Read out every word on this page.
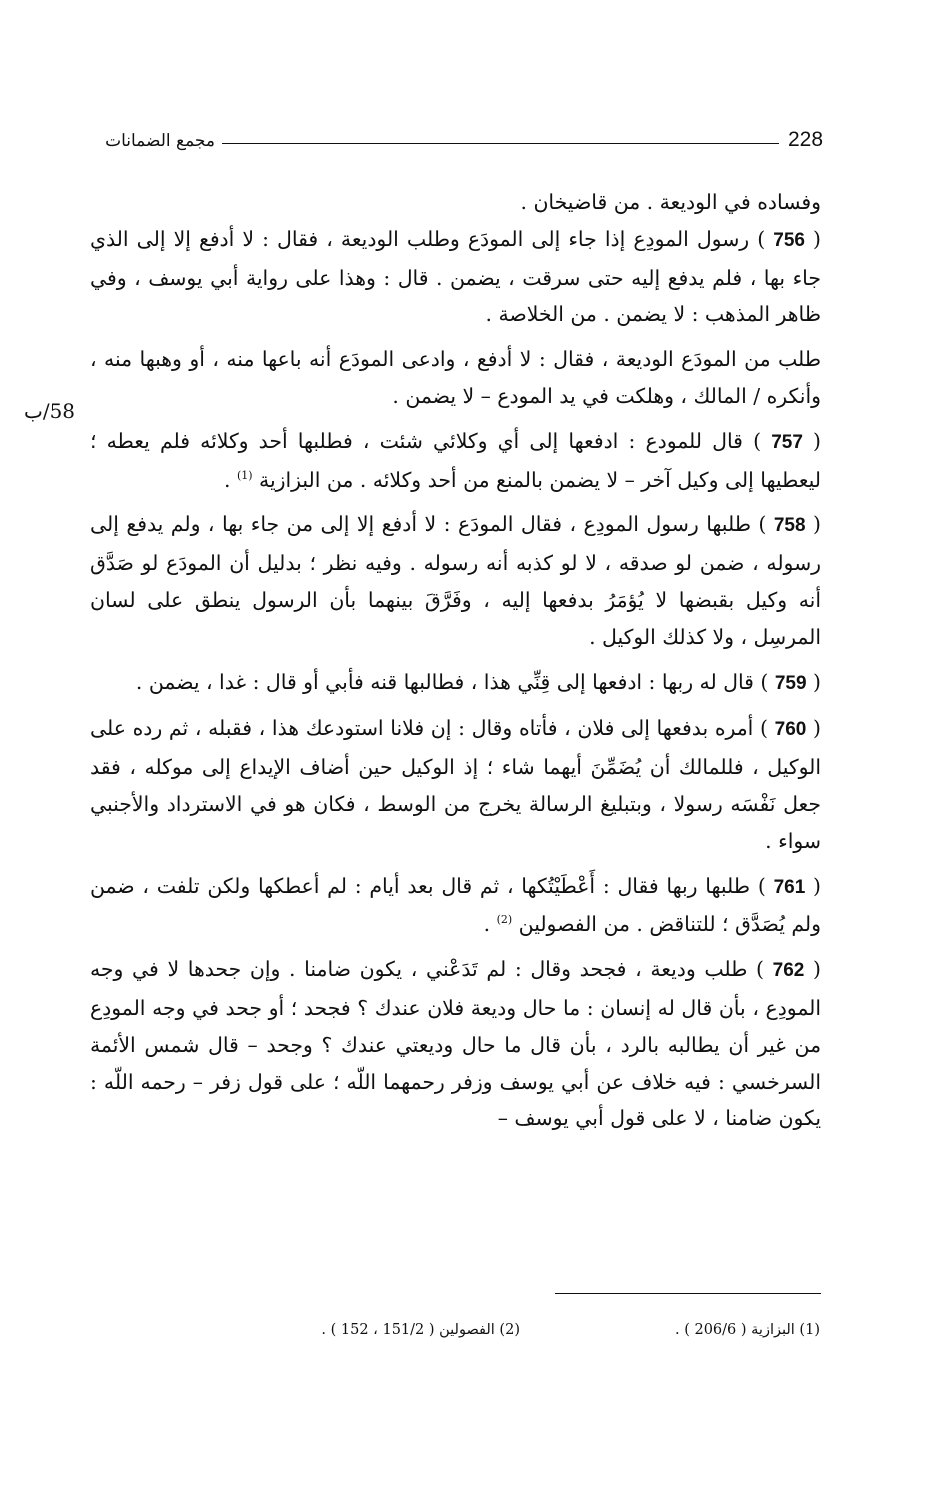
228
مجمع الضمانات
58/ب

وفساده في الوديعة . من قاضيخان .

( 756 ) رسول المودِع إذا جاء إلى المودَع وطلب الوديعة ، فقال : لا أدفع إلا إلى الذي جاء بها ، فلم يدفع إليه حتى سرقت ، يضمن . قال : وهذا على رواية أبي يوسف ، وفي ظاهر المذهب : لا يضمن . من الخلاصة .

طلب من المودَع الوديعة ، فقال : لا أدفع ، وادعى المودَع أنه باعها منه ، أو وهبها منه ، وأنكره / المالك ، وهلكت في يد المودع – لا يضمن .

( 757 ) قال للمودع : ادفعها إلى أي وكلائي شئت ، فطلبها أحد وكلائه فلم يعطه ؛ ليعطيها إلى وكيل آخر – لا يضمن بالمنع من أحد وكلائه . من البزازية $^{(1)}$ .

( 758 ) طلبها رسول المودِع ، فقال المودَع : لا أدفع إلا إلى من جاء بها ، ولم يدفع إلى رسوله ، ضمن لو صدقه ، لا لو كذبه أنه رسوله . وفيه نظر ؛ بدليل أن المودَع لو صَدَّق أنه وكيل بقبضها لا يُؤمَرُ بدفعها إليه ، وفَرَّقَ بينهما بأن الرسول ينطق على لسان المرسِل ، ولا كذلك الوكيل .

( 759 ) قال له ربها : ادفعها إلى قِنِّي هذا ، فطالبها قنه فأبي أو قال : غدا ، يضمن .

( 760 ) أمره بدفعها إلى فلان ، فأتاه وقال : إن فلانا استودعك هذا ، فقبله ، ثم رده على الوكيل ، فللمالك أن يُضَمِّنَ أيهما شاء ؛ إذ الوكيل حين أضاف الإيداع إلى موكله ، فقد جعل نَفْسَه رسولا ، وبتبليغ الرسالة يخرج من الوسط ، فكان هو في الاسترداد والأجنبي سواء .

( 761 ) طلبها ربها فقال : أَعْطَيْتُكها ، ثم قال بعد أيام : لم أعطكها ولكن تلفت ، ضمن ولم يُصَدَّق ؛ للتناقض . من الفصولين $^{(2)}$ .

( 762 ) طلب وديعة ، فجحد وقال : لم تَدَعْني ، يكون ضامنا . وإن جحدها لا في وجه المودِع ، بأن قال له إنسان : ما حال وديعة فلان عندك ؟ فجحد ؛ أو جحد في وجه المودِع من غير أن يطالبه بالرد ، بأن قال ما حال وديعتي عندك ؟ وجحد – قال شمس الأئمة السرخسي : فيه خلاف عن أبي يوسف وزفر رحمهما اللّه ؛ على قول زفر – رحمه اللّه : يكون ضامنا ، لا على قول أبي يوسف –

(1) البزازية ( 206/6 ) .
(2) الفصولين ( 151/2 ، 152 ) .
